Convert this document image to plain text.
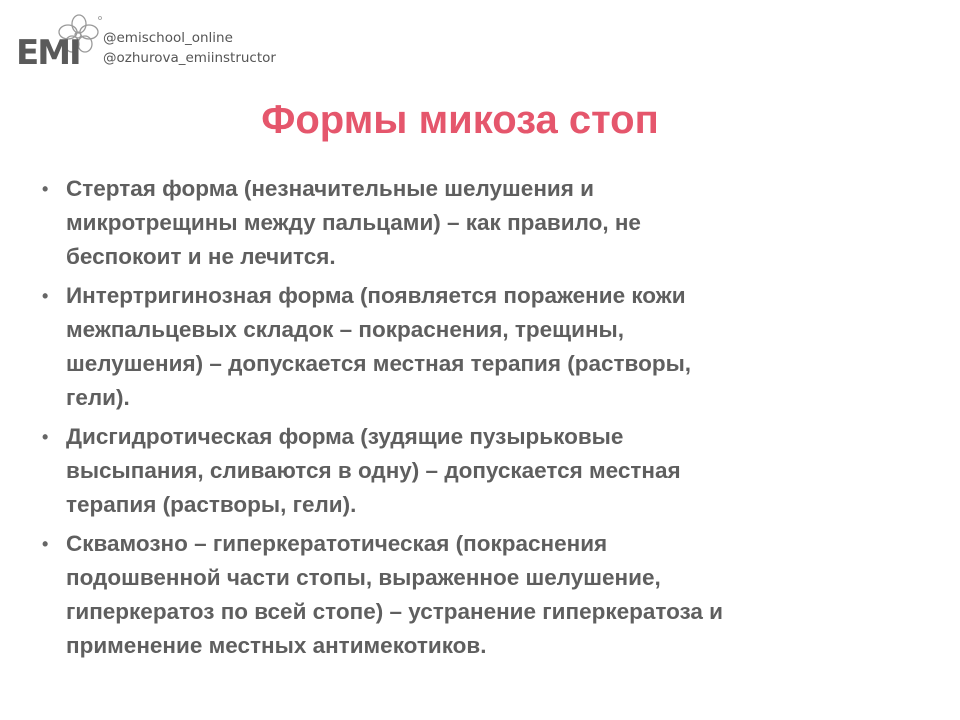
EMI @emischool_online
@ozhurova_emiinstructor
Формы микоза стоп
• Стертая форма (незначительные шелушения и микротрещины между пальцами) – как правило, не беспокоит и не лечится.
• Интертригинозная форма (появляется поражение кожи межпальцевых складок – покраснения, трещины, шелушения) – допускается местная терапия (растворы, гели).
• Дисгидротическая форма (зудящие пузырьковые высыпания, сливаются в одну) – допускается местная терапия (растворы, гели).
• Сквамозно – гиперкератотическая (покраснения подошвенной части стопы, выраженное шелушение, гиперкератоз по всей стопе) – устранение гиперкератоза и применение местных антимекотиков.
